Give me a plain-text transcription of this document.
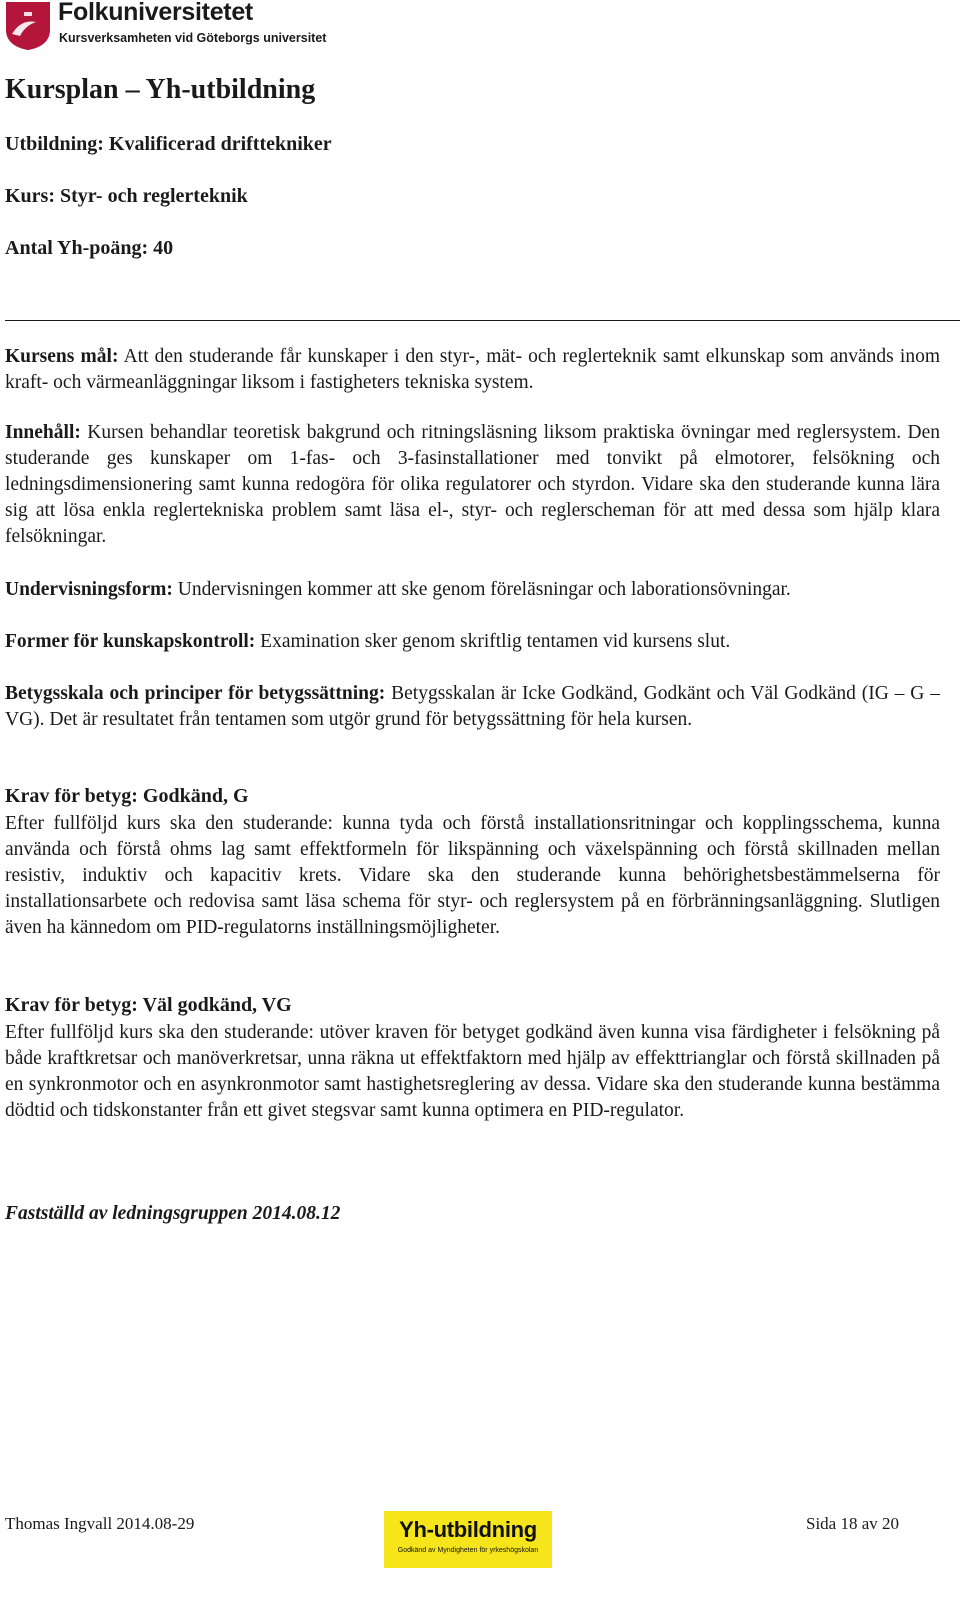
Folkuniversitetet
Kursverksamheten vid Göteborgs universitet
Kursplan – Yh-utbildning

Utbildning: Kvalificerad drifttekniker

Kurs: Styr- och reglerteknik

Antal Yh-poäng: 40

Kursens mål: Att den studerande får kunskaper i den styr-, mät- och reglerteknik samt elkunskap som används inom kraft- och värmeanläggningar liksom i fastigheters tekniska system.

Innehåll: Kursen behandlar teoretisk bakgrund och ritningsläsning liksom praktiska övningar med reglersystem. Den studerande ges kunskaper om 1-fas- och 3-fasinstallationer med tonvikt på elmotorer, felsökning och ledningsdimensionering samt kunna redogöra för olika regulatorer och styrdon. Vidare ska den studerande kunna lära sig att lösa enkla reglertekniska problem samt läsa el-, styr- och reglerscheman för att med dessa som hjälp klara felsökningar.

Undervisningsform: Undervisningen kommer att ske genom föreläsningar och laborationsövningar.

Former för kunskapskontroll: Examination sker genom skriftlig tentamen vid kursens slut.

Betygsskala och principer för betygssättning: Betygsskalan är Icke Godkänd, Godkänt och Väl Godkänd (IG – G – VG). Det är resultatet från tentamen som utgör grund för betygssättning för hela kursen.

Krav för betyg: Godkänd, G

Efter fullföljd kurs ska den studerande: kunna tyda och förstå installationsritningar och kopplingsschema, kunna använda och förstå ohms lag samt effektformeln för likspänning och växelspänning och förstå skillnaden mellan resistiv, induktiv och kapacitiv krets. Vidare ska den studerande kunna behörighetsbestämmelserna för installationsarbete och redovisa samt läsa schema för styr- och reglersystem på en förbränningsanläggning. Slutligen även ha kännedom om PID-regulatorns inställningsmöjligheter.

Krav för betyg: Väl godkänd, VG

Efter fullföljd kurs ska den studerande: utöver kraven för betyget godkänd även kunna visa färdigheter i felsökning på både kraftkretsar och manöverkretsar, unna räkna ut effektfaktorn med hjälp av effekttrianglar och förstå skillnaden på en synkronmotor och en asynkronmotor samt hastighetsreglering av dessa. Vidare ska den studerande kunna bestämma dödtid och tidskonstanter från ett givet stegsvar samt kunna optimera en PID-regulator.

Fastställd av ledningsgruppen 2014.08.12

Thomas Ingvall 2014.08-29	Yh-utbildning
Godkänd av Myndigheten för yrkeshögskolan
Sida 18 av 20
